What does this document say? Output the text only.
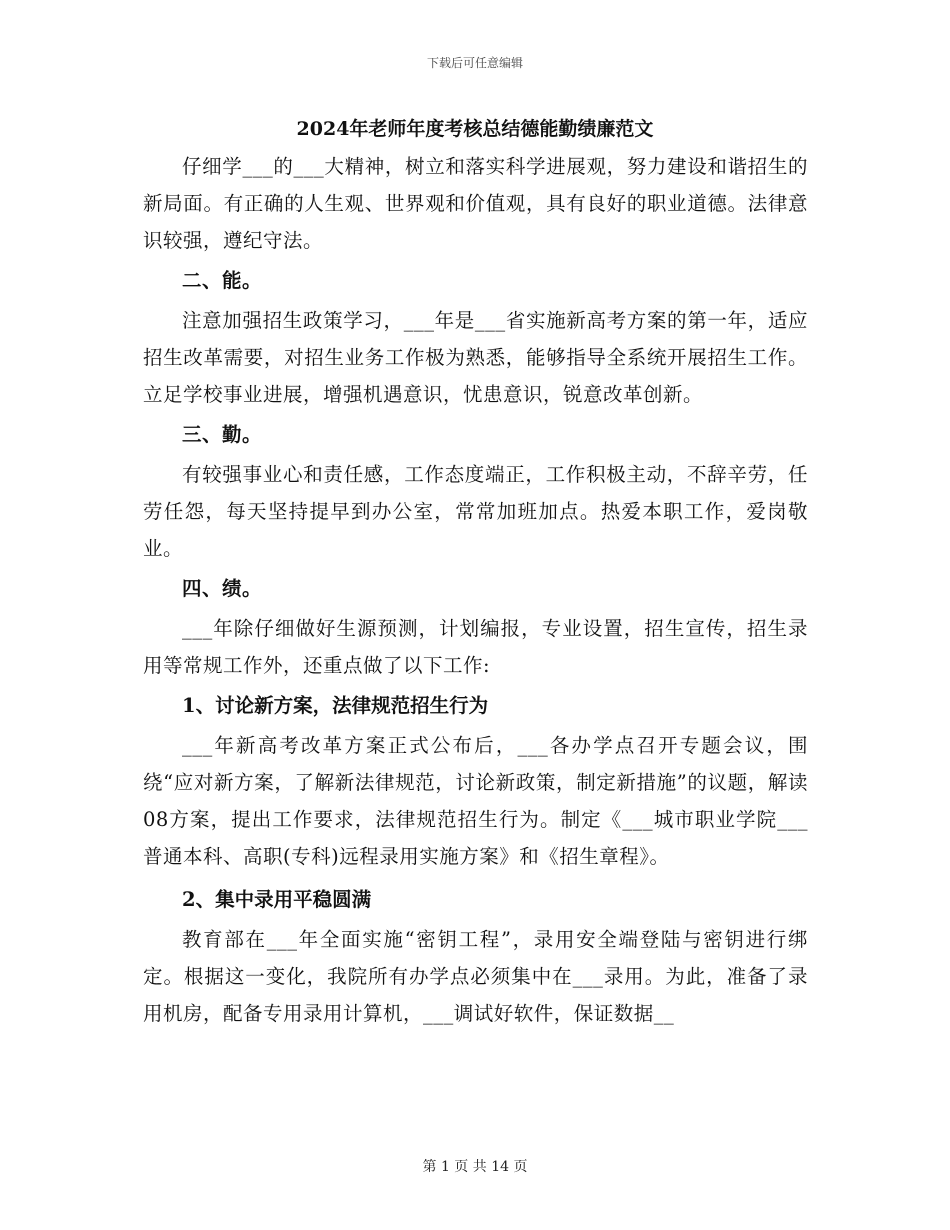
下载后可任意编辑
2024年老师年度考核总结德能勤绩廉范文

仔细学___的___大精神，树立和落实科学进展观，努力建设和谐招生的新局面。有正确的人生观、世界观和价值观，具有良好的职业道德。法律意识较强，遵纪守法。

二、能。

注意加强招生政策学习，___年是___省实施新高考方案的第一年，适应招生改革需要，对招生业务工作极为熟悉，能够指导全系统开展招生工作。立足学校事业进展，增强机遇意识，忧患意识，锐意改革创新。

三、勤。

有较强事业心和责任感，工作态度端正，工作积极主动，不辞辛劳，任劳任怨，每天坚持提早到办公室，常常加班加点。热爱本职工作，爱岗敬业。

四、绩。

___年除仔细做好生源预测，计划编报，专业设置，招生宣传，招生录用等常规工作外，还重点做了以下工作:

1、讨论新方案，法律规范招生行为

___年新高考改革方案正式公布后，___各办学点召开专题会议，围绕“应对新方案，了解新法律规范，讨论新政策，制定新措施”的议题，解读08方案，提出工作要求，法律规范招生行为。制定《___城市职业学院___普通本科、高职(专科)远程录用实施方案》和《招生章程》。

2、集中录用平稳圆满

教育部在___年全面实施“密钥工程”，录用安全端登陆与密钥进行绑定。根据这一变化，我院所有办学点必须集中在___录用。为此，准备了录用机房，配备专用录用计算机，___调试好软件，保证数据__

第 1 页 共 14 页
